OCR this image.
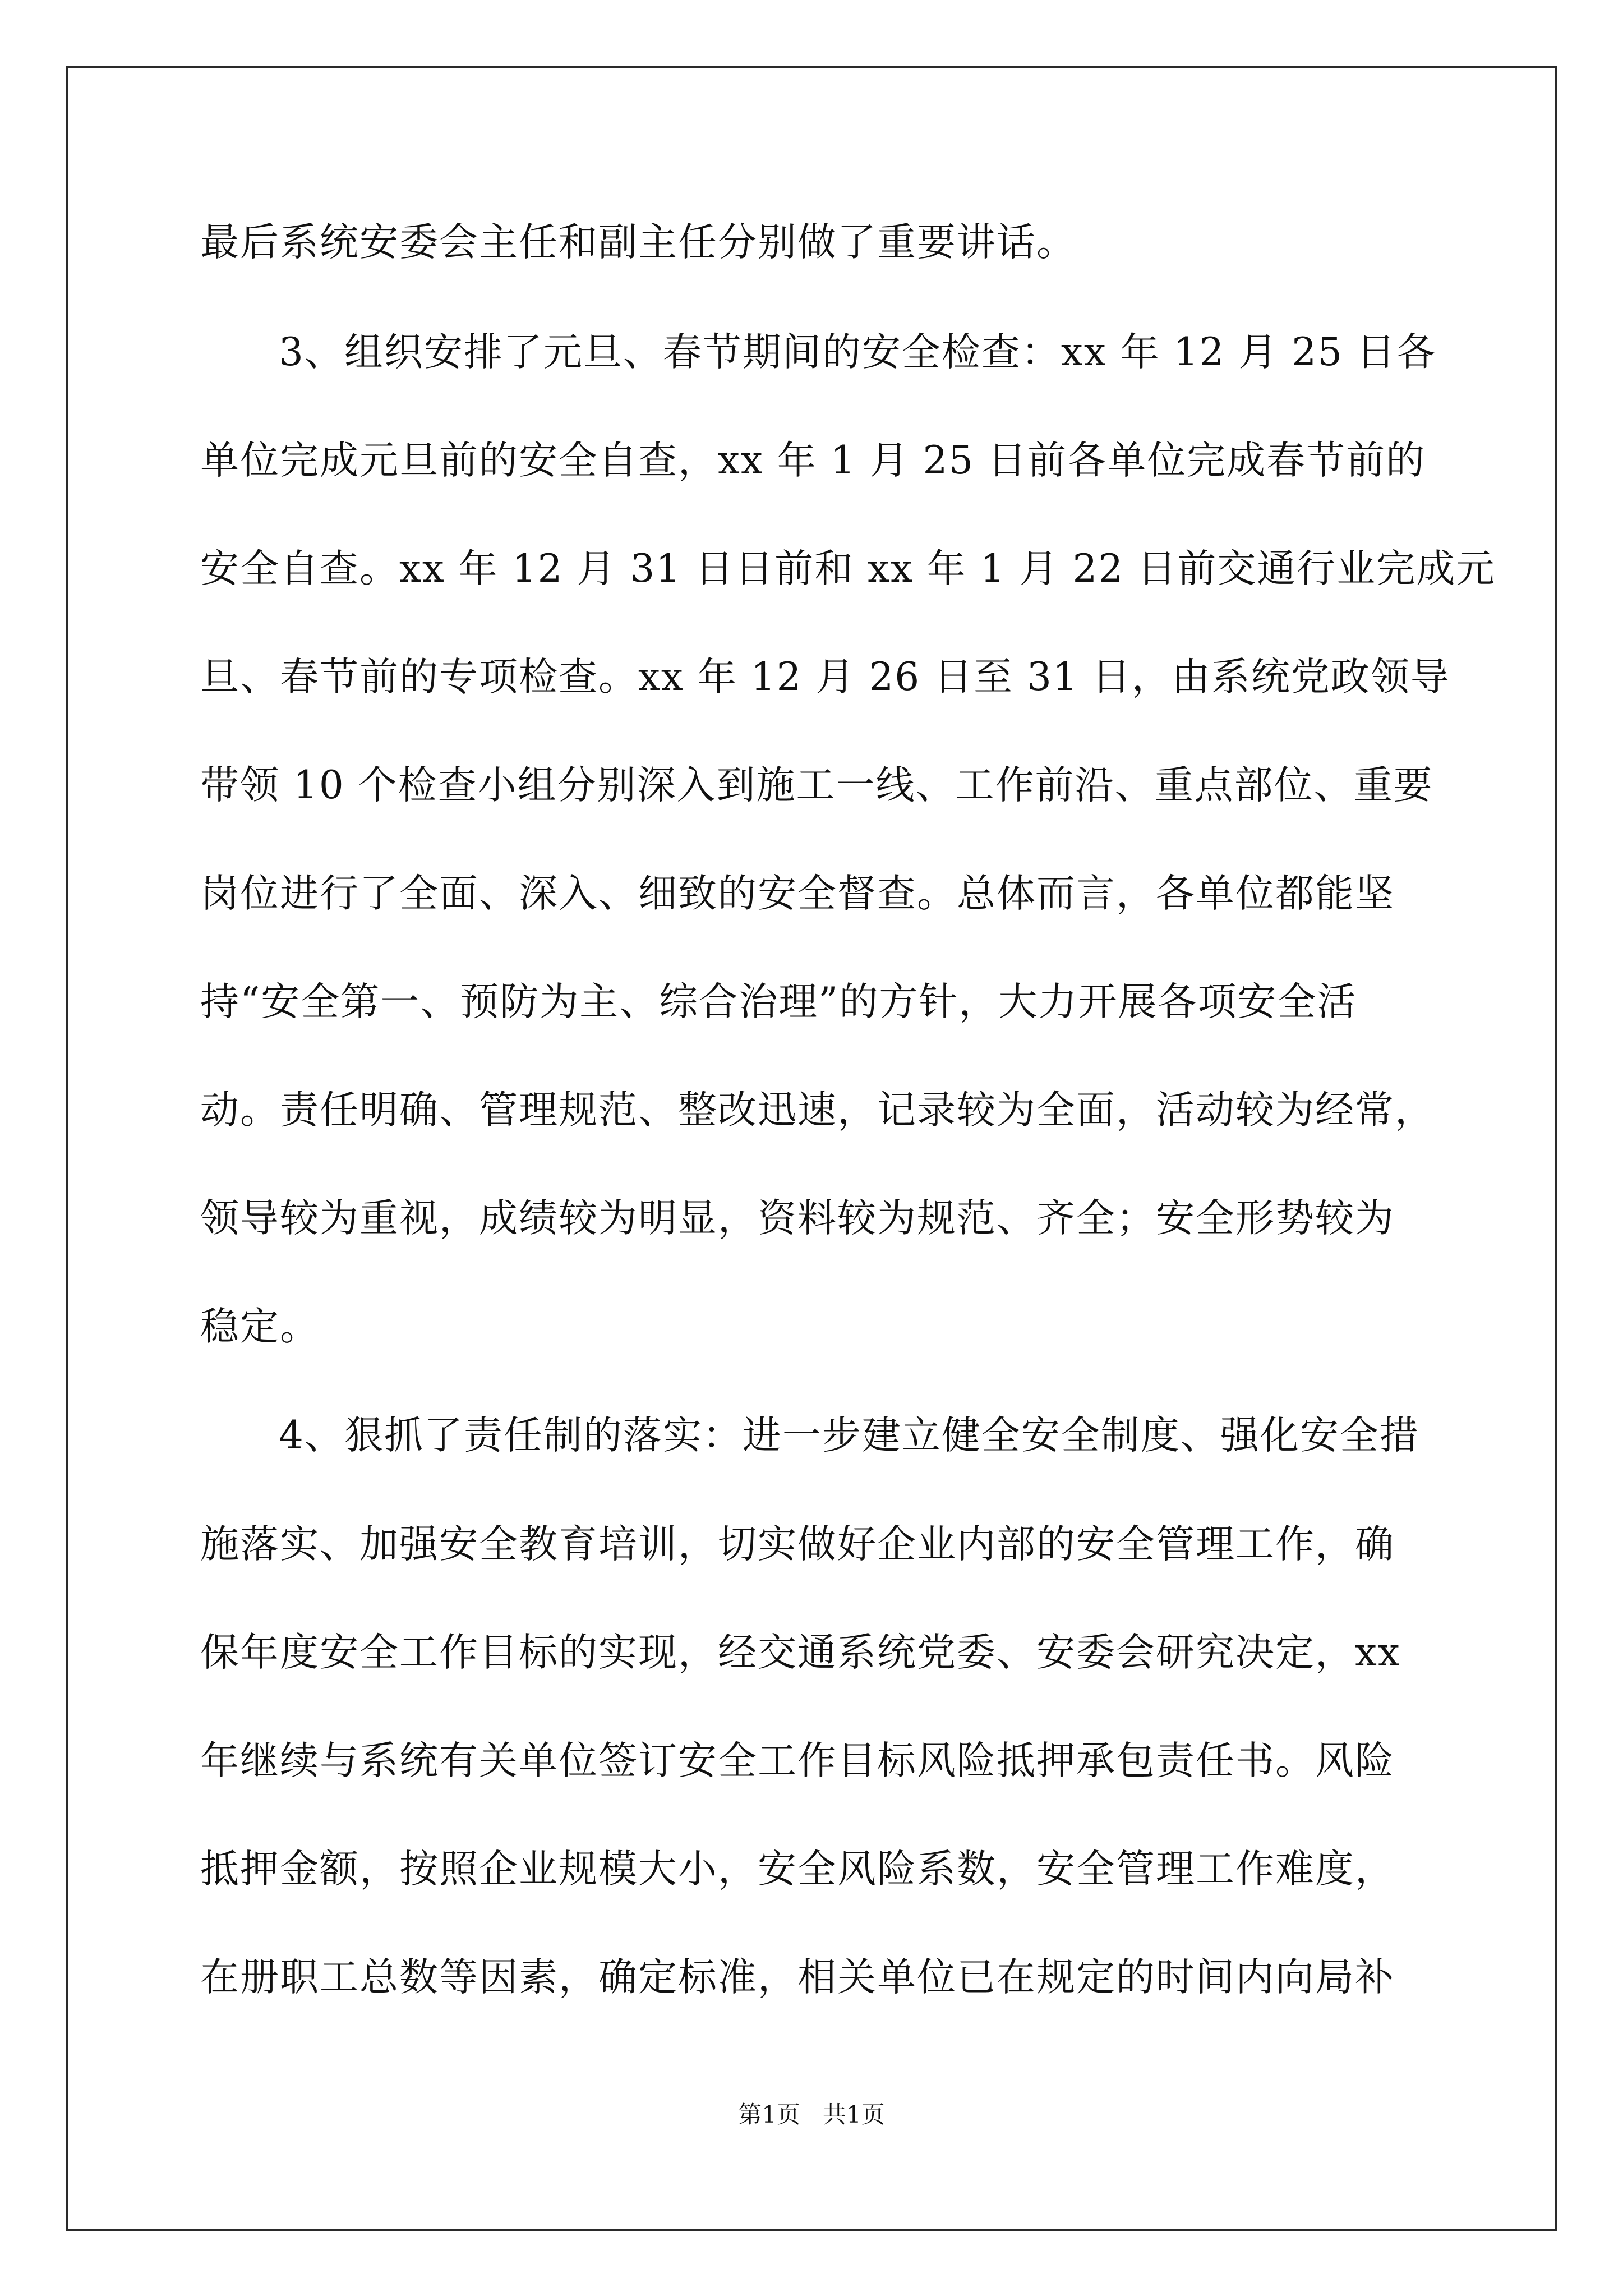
最后系统安委会主任和副主任分别做了重要讲话。
3、组织安排了元旦、春节期间的安全检查：xx 年 12 月 25 日各
单位完成元旦前的安全自查，xx 年 1 月 25 日前各单位完成春节前的
安全自查。xx 年 12 月 31 日日前和 xx 年 1 月 22 日前交通行业完成元
旦、春节前的专项检查。xx 年 12 月 26 日至 31 日，由系统党政领导
带领 10 个检查小组分别深入到施工一线、工作前沿、重点部位、重要
岗位进行了全面、深入、细致的安全督查。总体而言，各单位都能坚
持“安全第一、预防为主、综合治理”的方针，大力开展各项安全活
动。责任明确、管理规范、整改迅速，记录较为全面，活动较为经常，
领导较为重视，成绩较为明显，资料较为规范、齐全；安全形势较为
稳定。
4、狠抓了责任制的落实：进一步建立健全安全制度、强化安全措
施落实、加强安全教育培训，切实做好企业内部的安全管理工作，确
保年度安全工作目标的实现，经交通系统党委、安委会研究决定，xx
年继续与系统有关单位签订安全工作目标风险抵押承包责任书。风险
抵押金额，按照企业规模大小，安全风险系数，安全管理工作难度，
在册职工总数等因素，确定标准，相关单位已在规定的时间内向局补
第1页   共1页
